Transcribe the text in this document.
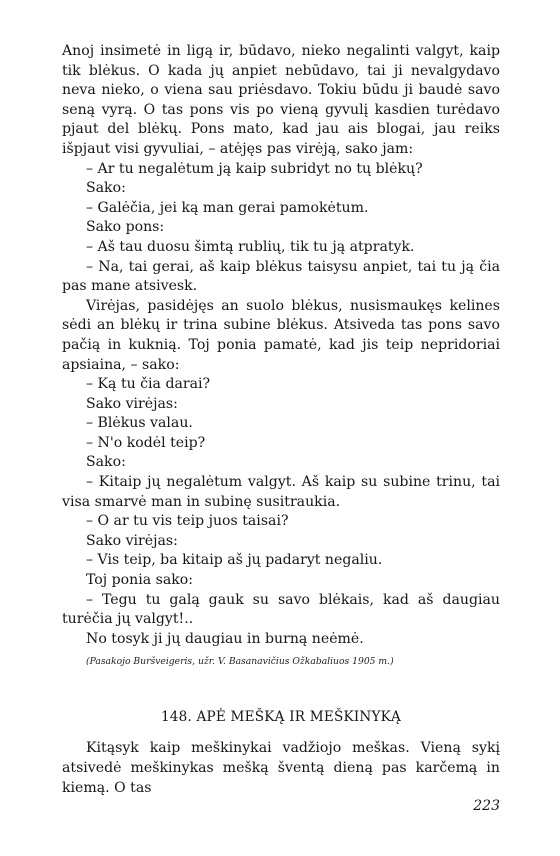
Anoj insimetė in ligą ir, būdavo, nieko negalinti valgyt, kaip tik blėkus. O kada jų anpiet nebūdavo, tai ji nevalgydavo neva nieko, o viena sau priėsdavo. Tokiu būdu ji baudė savo seną vyrą. O tas pons vis po vieną gyvulį kasdien turėdavo pjaut del blėkų. Pons mato, kad jau ais blogai, jau reiks išpjaut visi gyvuliai, – atėjęs pas virėją, sako jam:

– Ar tu negalėtum ją kaip subridyt no tų blėkų?

Sako:

– Galėčia, jei ką man gerai pamokėtum.

Sako pons:

– Aš tau duosu šimtą rublių, tik tu ją atpratyk.

– Na, tai gerai, aš kaip blėkus taisysu anpiet, tai tu ją čia pas mane atsivesk.

Virėjas, pasidėjęs an suolo blėkus, nusismaukęs kelines sėdi an blėkų ir trina subine blėkus. Atsiveda tas pons savo pačią in kuknią. Toj ponia pamatė, kad jis teip nepridoriai apsiaina, – sako:

– Ką tu čia darai?

Sako virėjas:

– Blėkus valau.

– N'o kodėl teip?

Sako:

– Kitaip jų negalėtum valgyt. Aš kaip su subine trinu, tai visa smarvė man in subinę susitraukia.

– O ar tu vis teip juos taisai?

Sako virėjas:

– Vis teip, ba kitaip aš jų padaryt negaliu.

Toj ponia sako:

– Tegu tu galą gauk su savo blėkais, kad aš daugiau turėčia jų valgyt!..

No tosyk ji jų daugiau in burną neėmė.

(Pasakojo Buršveigeris, užr. V. Basanavičius Ožkabaliuos 1905 m.)
148. APĖ MEŠKĄ IR MEŠKINYKĄ

Kitąsyk kaip meškinykai vadžiojo meškas. Vieną sykį atsivedė meškinykas mešką šventą dieną pas karčemą in kiemą. O tas

223
